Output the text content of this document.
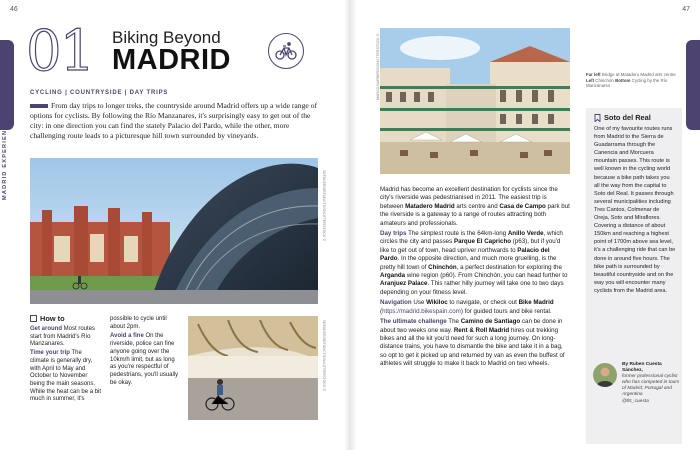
46	47
MADRID EXPERIENCES
01 Biking Beyond
MADRID
CYCLING | COUNTRYSIDE | DAY TRIPS
From day trips to longer treks, the countryside around Madrid offers up a wide range of options for cyclists. By following the Río Manzanares, it's surprisingly easy to get out of the city: in one direction you can find the stately Palacio del Pardo, while the other, more challenging route leads to a picturesque hill town surrounded by vineyards.
SEFAKER/DEFUNCTS/SHUTTERSTOCK ©
SEFAKER/DEFUNCTS/SHUTTERSTOCK ©
How to
Get around Most routes start from Madrid's Río Manzanares.
Time your trip The climate is generally dry, with April to May and October to November being the main seasons. While the heat can be a bit much in summer, it's
possible to cycle until about 2pm.
Avoid a fine On the riverside, police can fine anyone going over the 10km/h limit, but as long as you're respectful of pedestrians, you'll usually be okay.
MARCO BARBERIS/SHUTTERSTOCK ©

Madrid has become an excellent destination for cyclists since the city's riverside was pedestrianised in 2011. The easiest trip is between Matadero Madrid arts centre and Casa de Campo park but the riverside is a gateway to a range of routes attracting both amateurs and professionals.

Day trips The simplest route is the 64km-long Anillo Verde, which circles the city and passes Parque El Capricho (p63), but if you'd like to get out of town, head upriver northwards to Palacio del Pardo. In the opposite direction, and much more gruelling, is the pretty hill town of Chinchón, a perfect destination for exploring the Arganda wine region (p60). From Chinchón, you can head further to Aranjuez Palace. This rather hilly journey will take one to two days depending on your fitness level.

Navigation Use Wikiloc to navigate, or check out Bike Madrid (https://madrid.bikespain.com) for guided tours and bike rental.

The ultimate challenge The Camino de Santiago can be done in about two weeks one way. Rent & Roll Madrid hires out trekking bikes and all the kit you'd need for such a long journey. On long-distance trains, you have to dismantle the bike and take it in a bag, so opt to get it picked up and returned by van as even the buffest of athletes will struggle to make it back to Madrid on two wheels.

Far left Bridge at Matadero Madrid arts centre Left Chinchón Bottom Cycling by the Río Manzanares
Soto del Real
One of my favourite routes runs from Madrid to the Sierra de Guadarrama through the Canencia and Morcuera mountain passes. This route is well known in the cycling world because a bike path takes you all the way from the capital to Soto del Real. It passes through several municipalities including Tres Cantos, Colmenar de Oreja, Soto and Miraflores. Covering a distance of about 150km and reaching a highest point of 1700m above sea level, it's a challenging ride that can be done in around five hours. The bike path is surrounded by beautiful countryside and on the way you will encounter many cyclists from the Madrid area.
By Ruben Cuesta Sánchez,
former professional cyclist who has competed in tours of Madrid, Portugal and Argentina
@ftc_cuesta
